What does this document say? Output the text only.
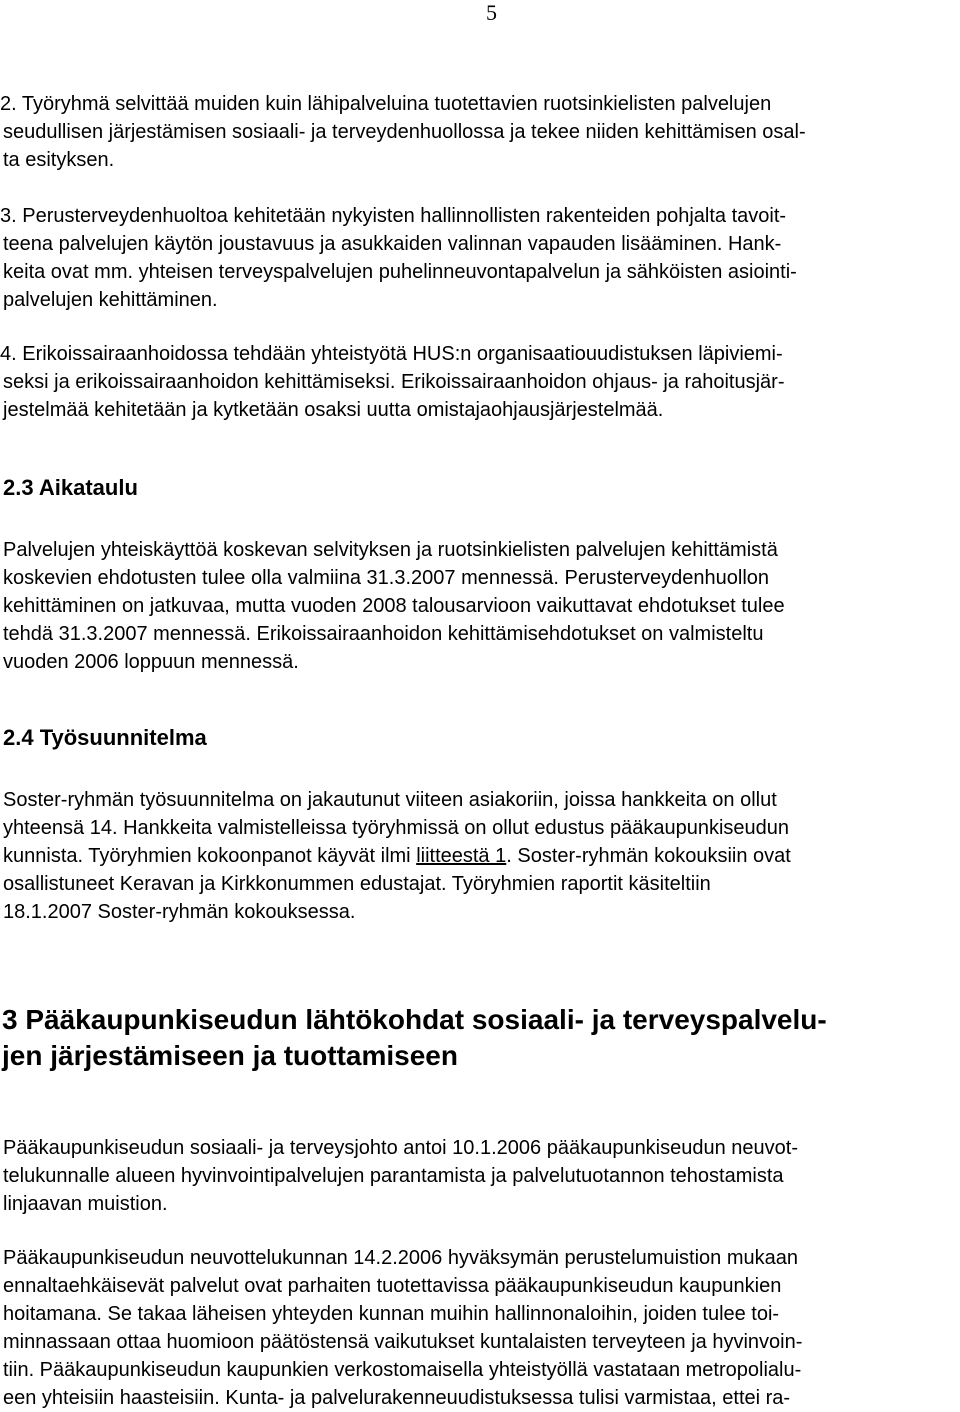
5
2. Työryhmä selvittää muiden kuin lähipalveluina tuotettavien ruotsinkielisten palvelujen
seudullisen järjestämisen sosiaali- ja terveydenhuollossa ja tekee niiden kehittämisen osal-
ta esityksen.
3. Perusterveydenhuoltoa kehitetään nykyisten hallinnollisten rakenteiden pohjalta tavoit-
teena palvelujen käytön joustavuus ja asukkaiden valinnan vapauden lisääminen. Hank-
keita ovat mm. yhteisen terveyspalvelujen puhelinneuvontapalvelun ja sähköisten asiointi-
palvelujen kehittäminen.
4. Erikoissairaanhoidossa tehdään yhteistyötä HUS:n organisaatiouudistuksen läpiviemi-
seksi ja erikoissairaanhoidon kehittämiseksi. Erikoissairaanhoidon ohjaus- ja rahoitusjär-
jestelmää kehitetään ja kytketään osaksi uutta omistajaohjausjärjestelmää.
2.3 Aikataulu
Palvelujen yhteiskäyttöä koskevan selvityksen ja ruotsinkielisten palvelujen kehittämistä
koskevien ehdotusten tulee olla valmiina 31.3.2007 mennessä. Perusterveydenhuollon
kehittäminen on jatkuvaa, mutta vuoden 2008 talousarvioon vaikuttavat ehdotukset tulee
tehdä 31.3.2007 mennessä. Erikoissairaanhoidon kehittämisehdotukset on valmisteltu
vuoden 2006 loppuun mennessä.
2.4 Työsuunnitelma
Soster-ryhmän työsuunnitelma on jakautunut viiteen asiakoriin, joissa hankkeita on ollut
yhteensä 14. Hankkeita valmistelleissa työryhmissä on ollut edustus pääkaupunkiseudun
kunnista. Työryhmien kokoonpanot käyvät ilmi liitteestä 1. Soster-ryhmän kokouksiin ovat
osallistuneet Keravan ja Kirkkonummen edustajat. Työryhmien raportit käsiteltiin
18.1.2007 Soster-ryhmän kokouksessa.
3 Pääkaupunkiseudun lähtökohdat sosiaali- ja terveyspalvelu-
jen järjestämiseen ja tuottamiseen
Pääkaupunkiseudun sosiaali- ja terveysjohto antoi 10.1.2006 pääkaupunkiseudun neuvot-
telukunnalle alueen hyvinvointipalvelujen parantamista ja palvelutuotannon tehostamista
linjaavan muistion.
Pääkaupunkiseudun neuvottelukunnan 14.2.2006 hyväksymän perustelumuistion mukaan
ennaltaehkäisevät palvelut ovat parhaiten tuotettavissa pääkaupunkiseudun kaupunkien
hoitamana. Se takaa läheisen yhteyden kunnan muihin hallinnonaloihin, joiden tulee toi-
minnassaan ottaa huomioon päätöstensä vaikutukset kuntalaisten terveyteen ja hyvinvoin-
tiin. Pääkaupunkiseudun kaupunkien verkostomaisella yhteistyöllä vastataan metropolialu-
een yhteisiin haasteisiin. Kunta- ja palvelurakenneuudistuksessa tulisi varmistaa, ettei ra-
